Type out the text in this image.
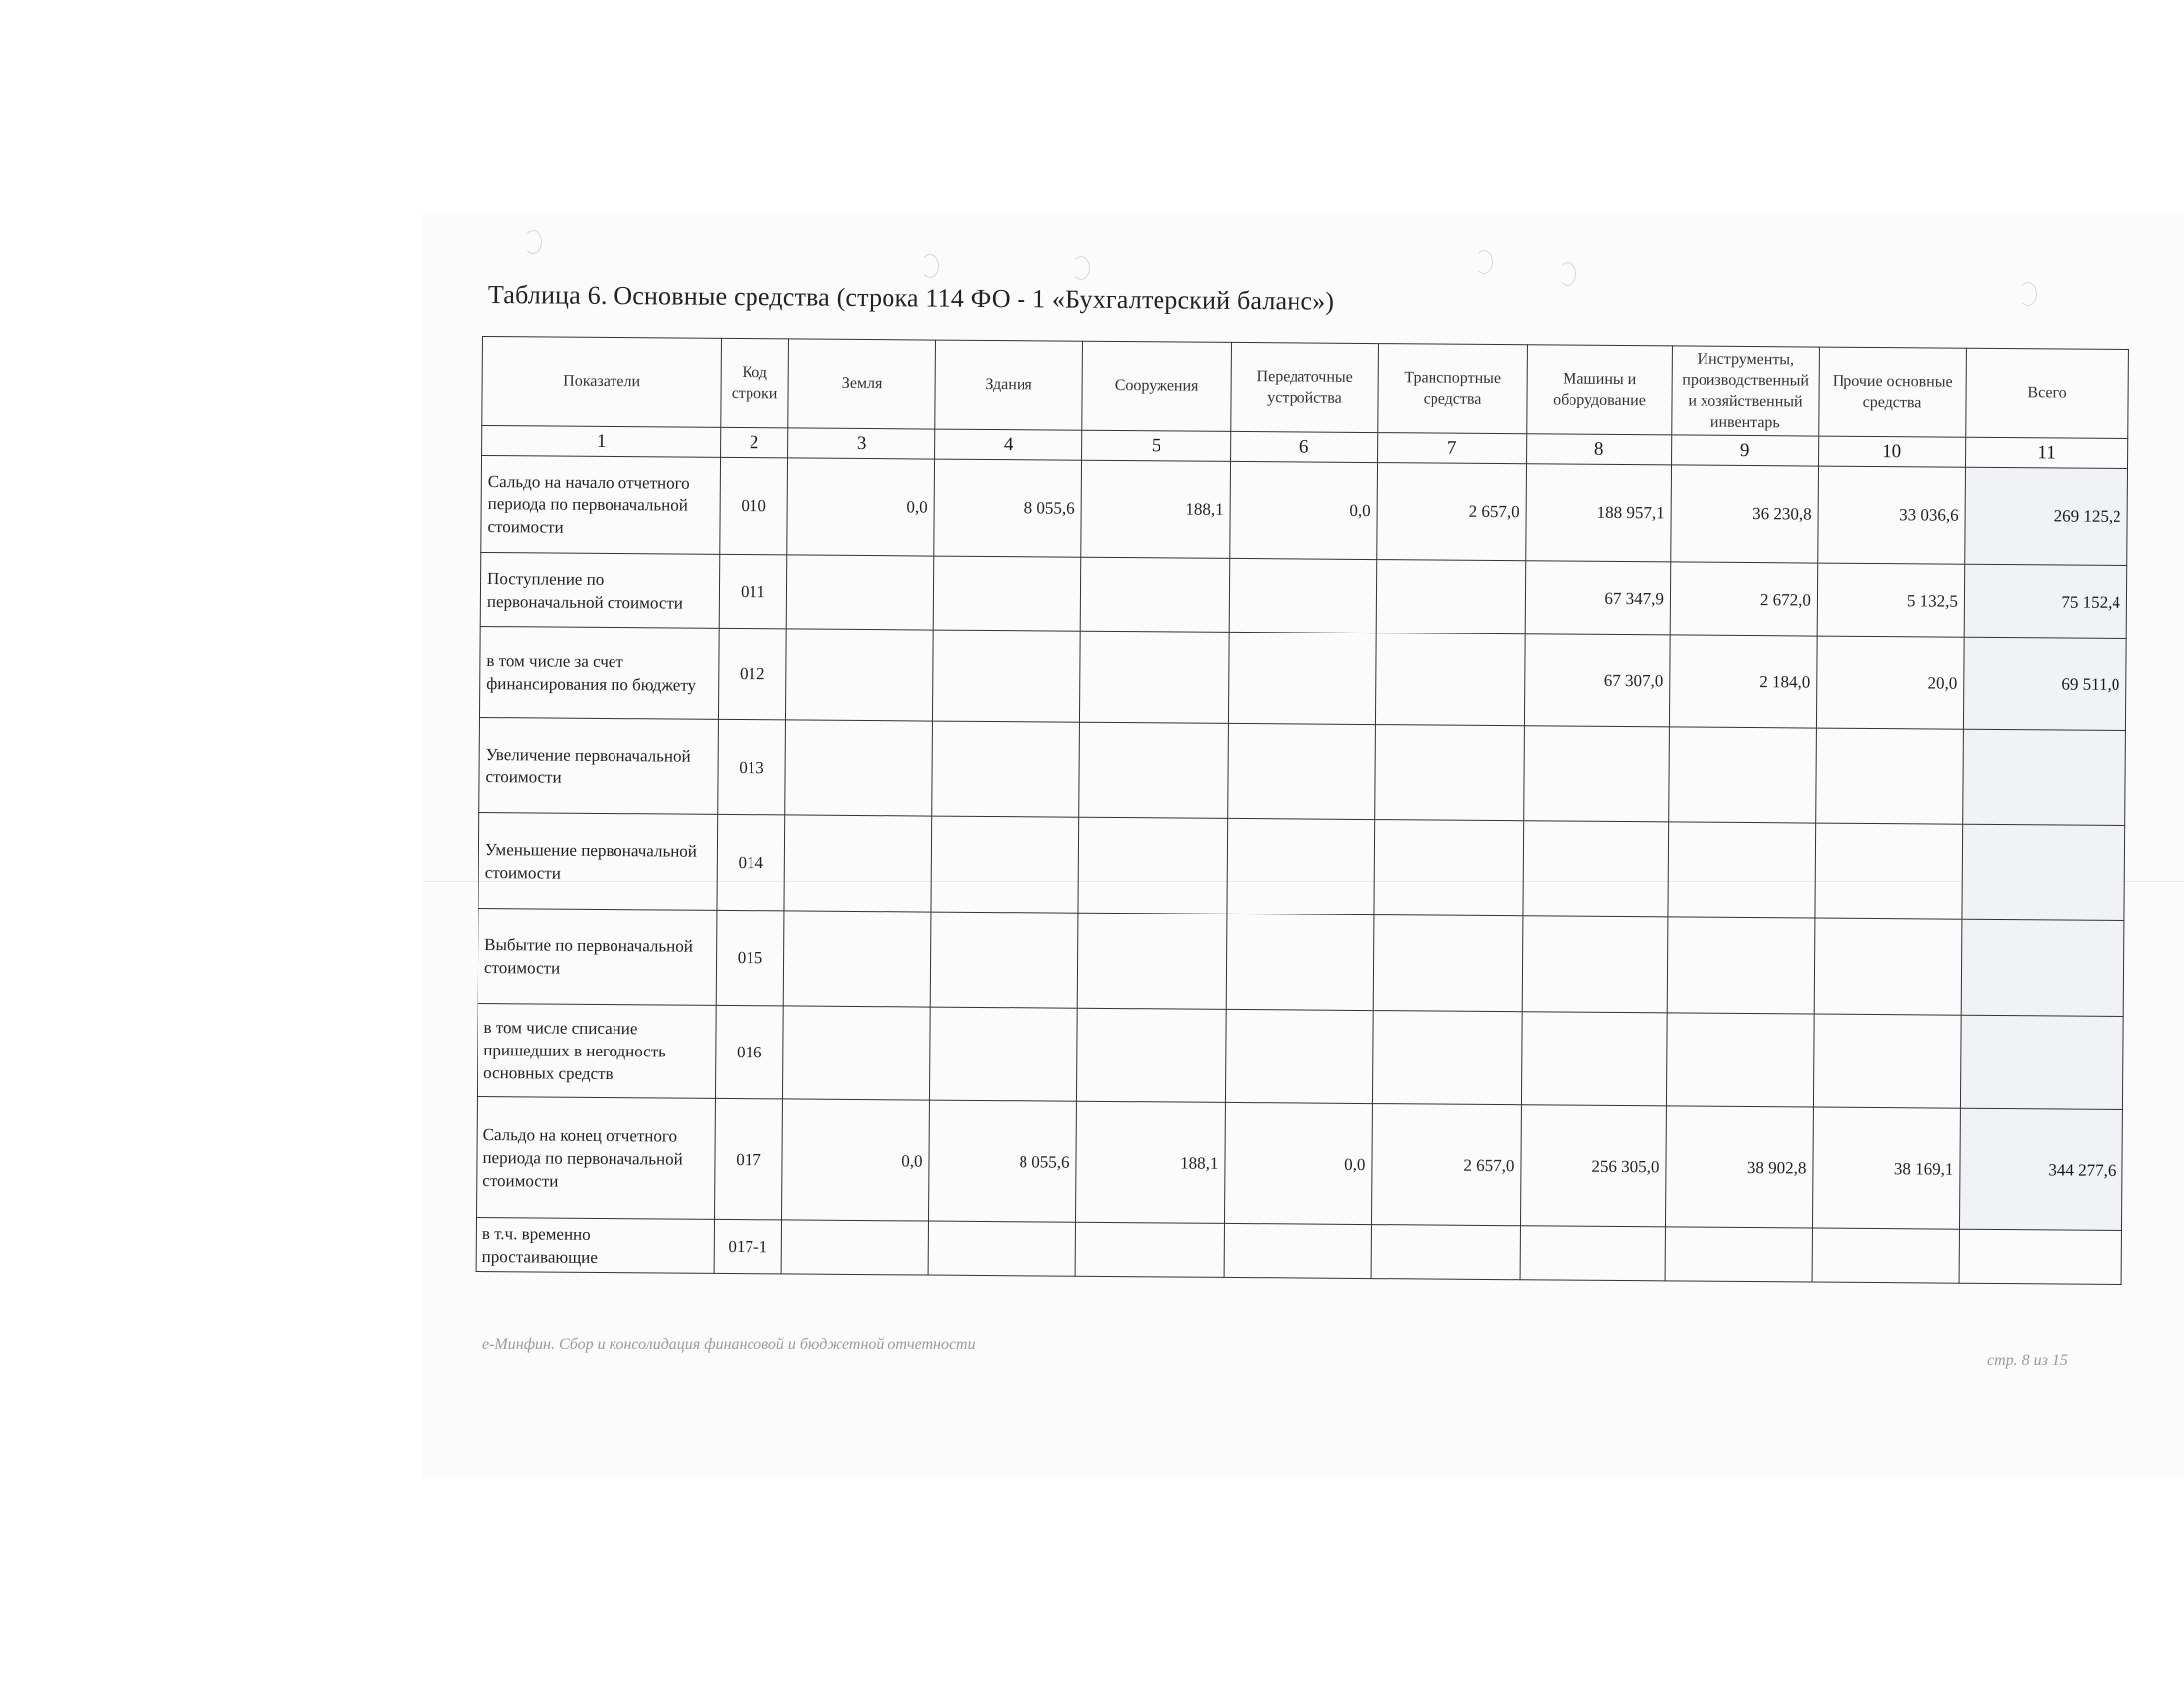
Таблица 6. Основные средства (строка 114 ФО - 1 «Бухгалтерский баланс»)
Показатели	Код строки	Земля	Здания	Сооружения	Передаточные устройства	Транспортные средства	Машины и оборудование	Инструменты, производственный и хозяйственный инвентарь	Прочие основные средства	Всего
1	2	3	4	5	6	7	8	9	10	11
Сальдо на начало отчетного периода по первоначальной стоимости	010	0,0	8 055,6	188,1	0,0	2 657,0	188 957,1	36 230,8	33 036,6	269 125,2
Поступление по первоначальной стоимости	011						67 347,9	2 672,0	5 132,5	75 152,4
в том числе за счет финансирования по бюджету	012						67 307,0	2 184,0	20,0	69 511,0
Увеличение первоначальной стоимости	013									
Уменьшение первоначальной стоимости	014									
Выбытие по первоначальной стоимости	015									
в том числе списание пришедших в негодность основных средств	016									
Сальдо на конец отчетного периода по первоначальной стоимости	017	0,0	8 055,6	188,1	0,0	2 657,0	256 305,0	38 902,8	38 169,1	344 277,6
в т.ч. временно простаивающие	017-1									
е-Минфин. Сбор и консолидация финансовой и бюджетной отчетности
стр. 8 из 15
